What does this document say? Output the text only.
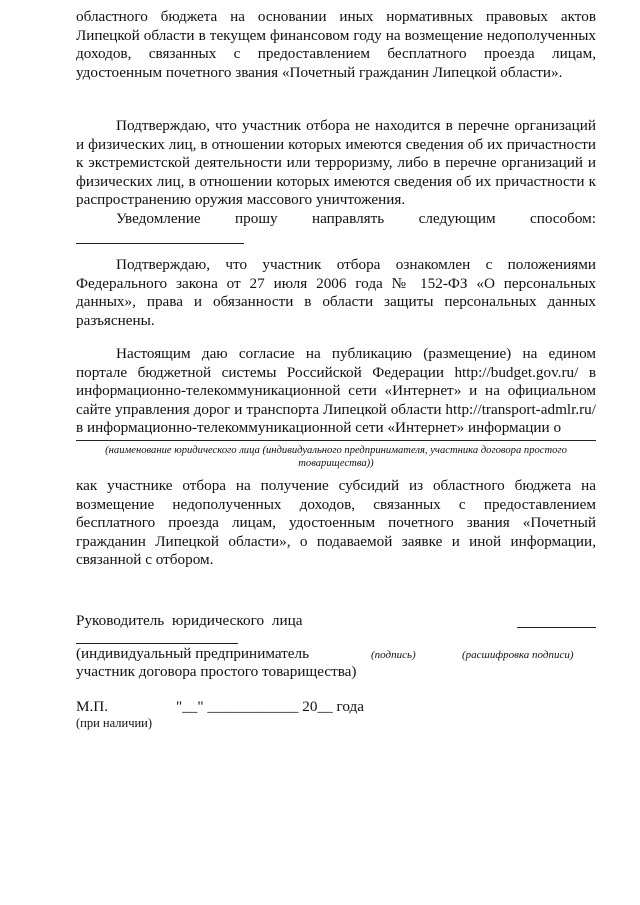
областного бюджета на основании иных нормативных правовых актов Липецкой области в текущем финансовом году на возмещение недополученных доходов, связанных с предоставлением бесплатного проезда лицам, удостоенным почетного звания «Почетный гражданин Липецкой области».

Подтверждаю, что участник отбора не находится в перечне организаций и физических лиц, в отношении которых имеются сведения об их причастности к экстремистской деятельности или терроризму, либо в перечне организаций и физических лиц, в отношении которых имеются сведения об их причастности к распространению оружия массового уничтожения.

Уведомление прошу направлять следующим способом:

Подтверждаю, что участник отбора ознакомлен с положениями Федерального закона от 27 июля 2006 года № 152-ФЗ «О персональных данных», права и обязанности в области защиты персональных данных разъяснены.

Настоящим даю согласие на публикацию (размещение) на едином портале бюджетной системы Российской Федерации http://budget.gov.ru/ в информационно-телекоммуникационной сети «Интернет» и на официальном сайте управления дорог и транспорта Липецкой области http://transport-admlr.ru/ в информационно-телекоммуникационной сети «Интернет» информации о

(наименование юридического лица (индивидуального предпринимателя, участника договора простого товарищества))

как участнике отбора на получение субсидий из областного бюджета на возмещение недополученных доходов, связанных с предоставлением бесплатного проезда лицам, удостоенным почетного звания «Почетный гражданин Липецкой области», о подаваемой заявке и иной информации, связанной с отбором.

Руководитель юридического лица
(индивидуальный предприниматель	(подпись)	(расшифровка подписи)
участник договора простого товарищества)
М.П.	"__" ____________ 20__ года
(при наличии)
